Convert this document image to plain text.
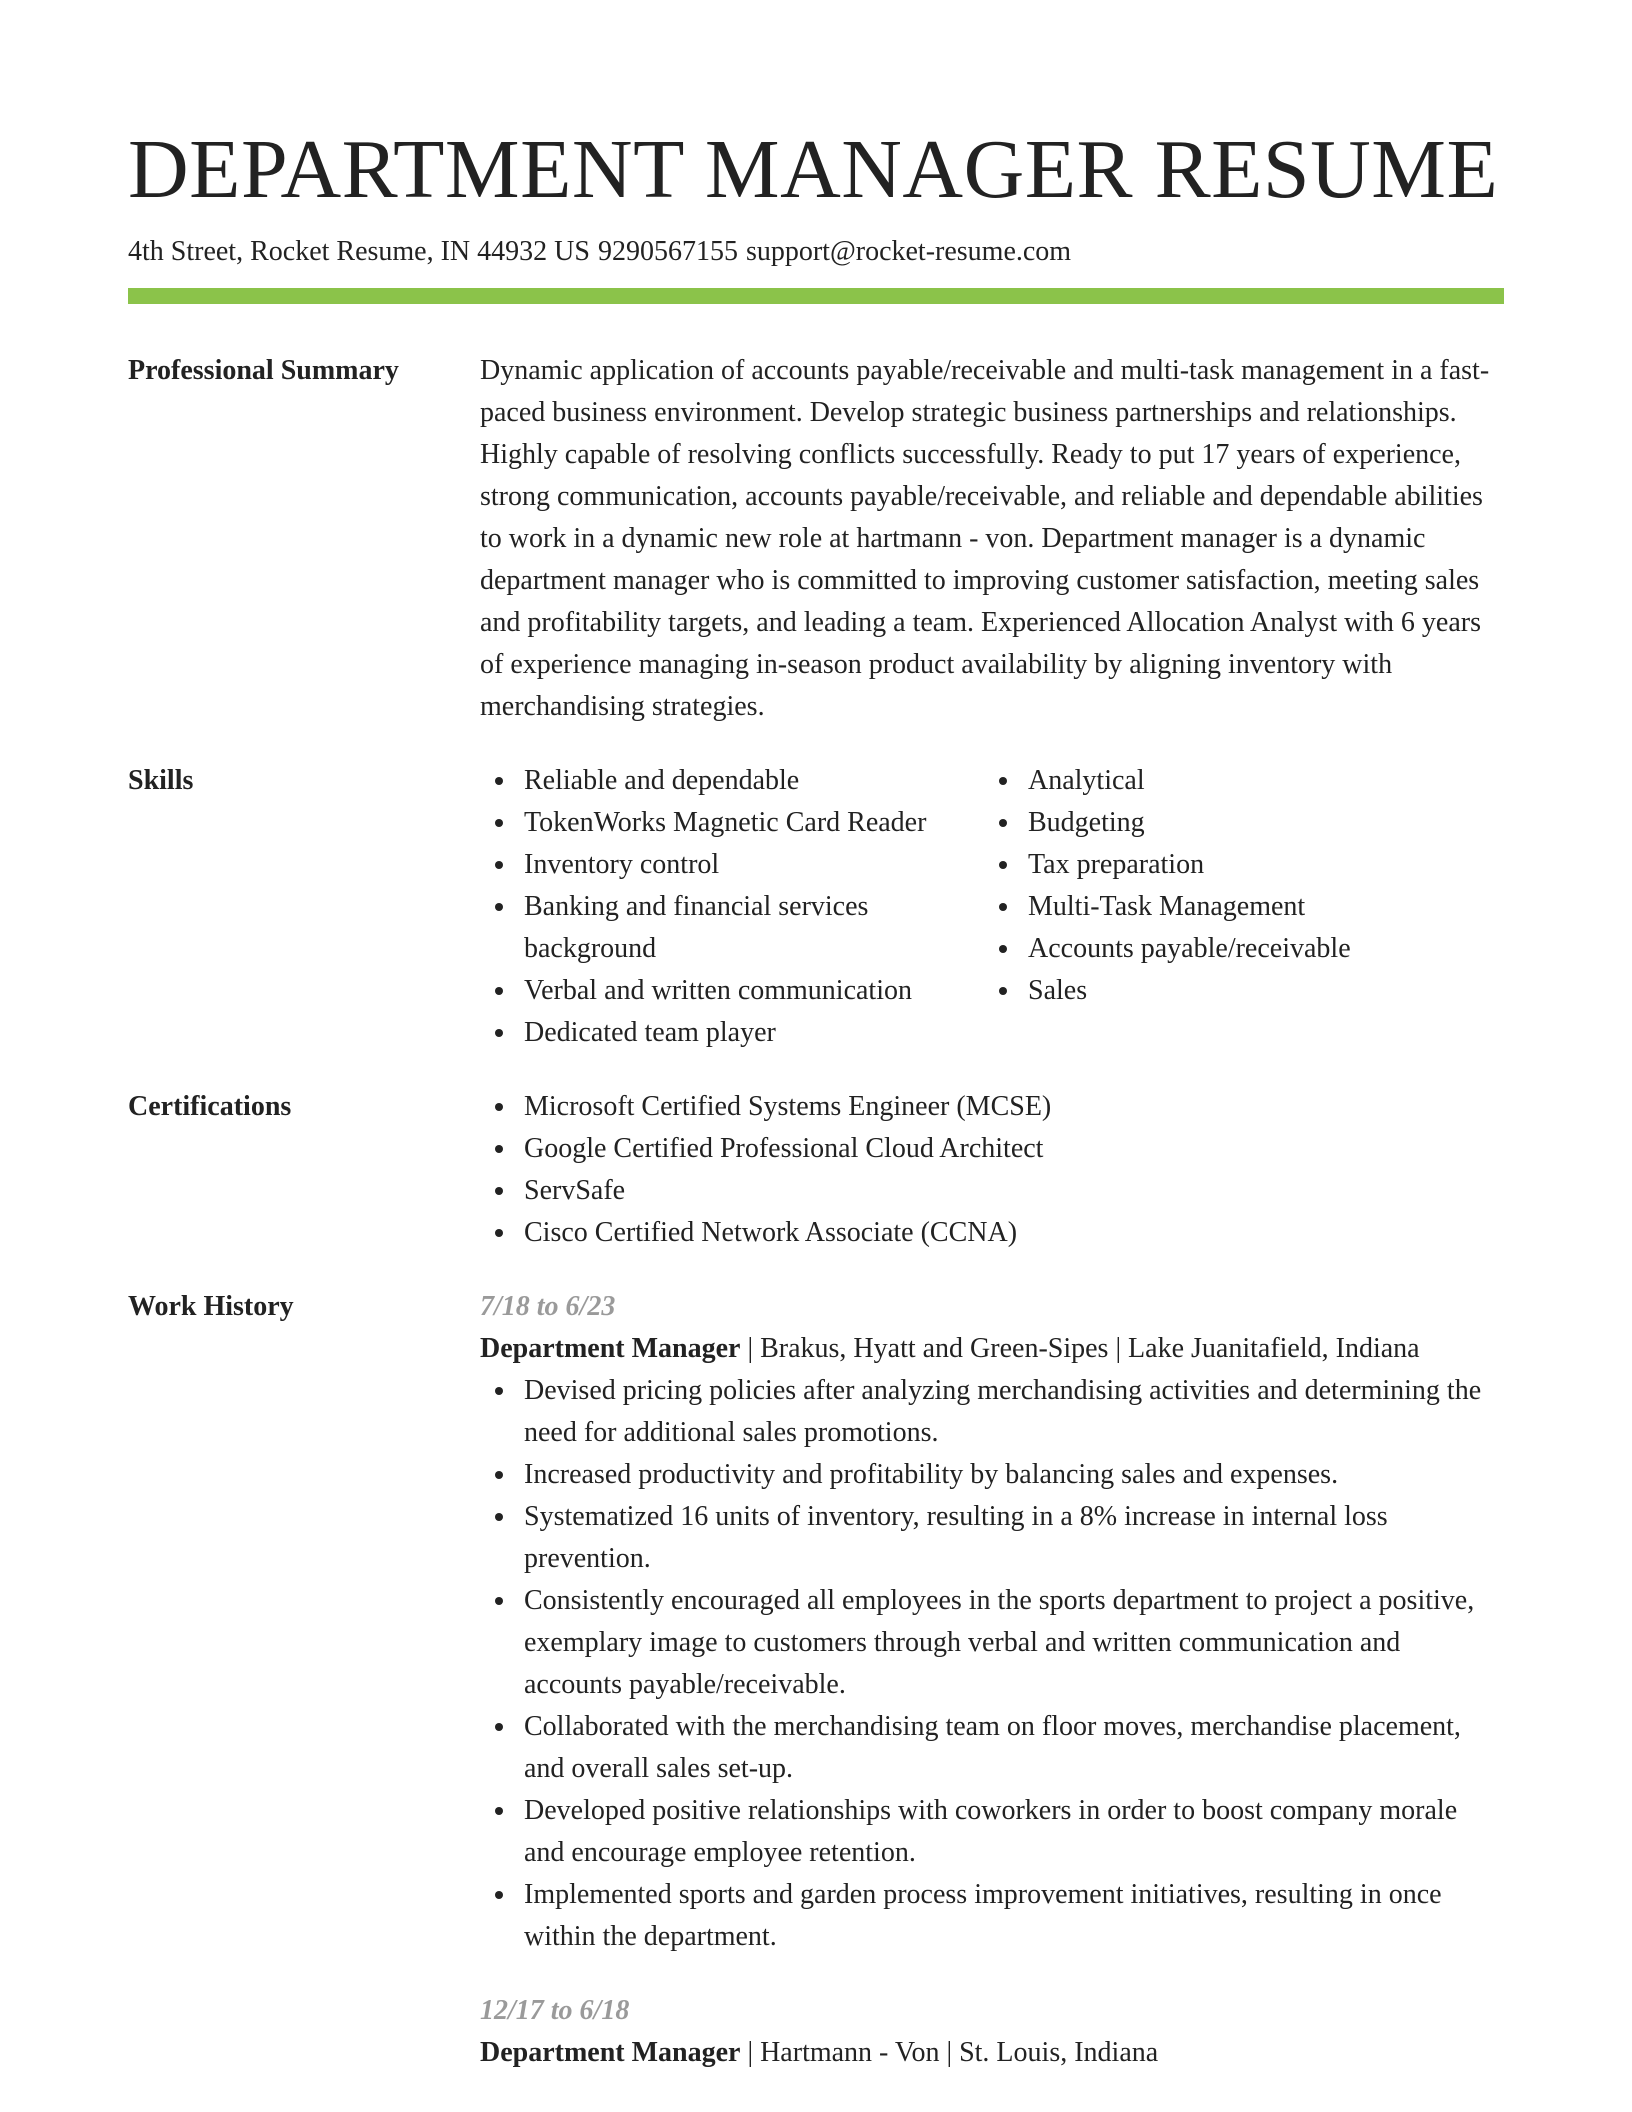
DEPARTMENT MANAGER RESUME
4th Street, Rocket Resume, IN 44932 US 9290567155 support@rocket-resume.com
Professional Summary	Dynamic application of accounts payable/receivable and multi-task management in a fast-paced business environment. Develop strategic business partnerships and relationships. Highly capable of resolving conflicts successfully. Ready to put 17 years of experience, strong communication, accounts payable/receivable, and reliable and dependable abilities to work in a dynamic new role at hartmann - von. Department manager is a dynamic department manager who is committed to improving customer satisfaction, meeting sales and profitability targets, and leading a team. Experienced Allocation Analyst with 6 years of experience managing in-season product availability by aligning inventory with merchandising strategies.

Skills	Reliable and dependable
TokenWorks Magnetic Card Reader
Inventory control
Banking and financial services background
Verbal and written communication
Dedicated team player
Analytical
Budgeting
Tax preparation
Multi-Task Management
Accounts payable/receivable
Sales
Certifications	Microsoft Certified Systems Engineer (MCSE)
Google Certified Professional Cloud Architect
ServSafe
Cisco Certified Network Associate (CCNA)
Work History	7/18 to 6/23
Department Manager | Brakus, Hyatt and Green-Sipes | Lake Juanitafield, Indiana
Devised pricing policies after analyzing merchandising activities and determining the need for additional sales promotions.
Increased productivity and profitability by balancing sales and expenses.
Systematized 16 units of inventory, resulting in a 8% increase in internal loss prevention.
Consistently encouraged all employees in the sports department to project a positive, exemplary image to customers through verbal and written communication and accounts payable/receivable.
Collaborated with the merchandising team on floor moves, merchandise placement, and overall sales set-up.
Developed positive relationships with coworkers in order to boost company morale and encourage employee retention.
Implemented sports and garden process improvement initiatives, resulting in once within the department.
12/17 to 6/18
Department Manager | Hartmann - Von | St. Louis, Indiana
